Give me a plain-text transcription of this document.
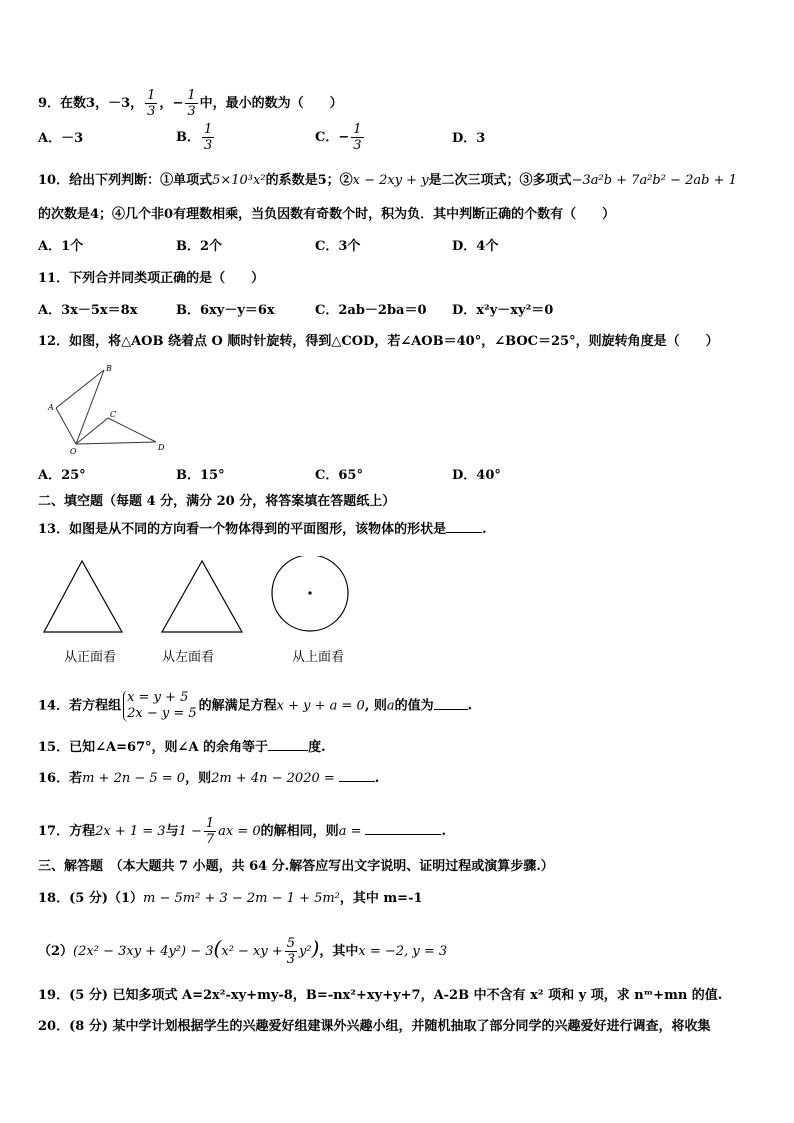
9．在数3，－3， $\frac{1}{3}$ ，− $\frac{1}{3}$ 中，最小的数为（　　）
A．－3	B． $\frac{1}{3}$	C．− $\frac{1}{3}$	D．3
10．给出下列判断：①单项式5×10³x²的系数是5；②x − 2xy + y是二次三项式；③多项式−3a²b + 7a²b² − 2ab + 1
的次数是4；④几个非0有理数相乘，当负因数有奇数个时，积为负．其中判断正确的个数有（　　）
A．1个	B．2个	C．3个	D．4个
11．下列合并同类项正确的是（　　）
A．3x－5x＝8x	B．6xy－y＝6x	C．2ab－2ba＝0 D．x²y－xy²＝0
12．如图，将△AOB 绕着点 O 顺时针旋转，得到△COD，若∠AOB＝40°，∠BOC＝25°，则旋转角度是（　　）
A
B
C
O	D
A．25°	B．15°	C．65°	D．40°
二、填空题（每题 4 分，满分 20 分，将答案填在答题纸上）
13．如图是从不同的方向看一个物体得到的平面图形，该物体的形状是	.
从正面看	从左面看	从上面看
14．若方程组
x = y + 5
2x − y = 5 的解满足方程x + y + a = 0, 则a的值为	.
15．已知∠A=67°，则∠A 的余角等于	度.
16．若m + 2n − 5 = 0，则2m + 4n − 2020 =	.
17．方程2x + 1 = 3与$1 - \frac{1}{7}$ ax = 0的解相同，则a =	.
三、解答题　（本大题共 7 小题，共 64 分.解答应写出文字说明、证明过程或演算步骤.）
18．(5 分)（1）m − 5m² + 3 − 2m − 1 + 5m²，其中 m=-1
（2）(2x² − 3xy + 4y²) − 3(x² − xy + $\frac{5}{3} y^2$)，其中x = −2, y = 3
19．(5 分) 已知多项式 A=2x²-xy+my-8，B=-nx²+xy+y+7，A-2B 中不含有 x² 项和 y 项，求 nᵐ+mn 的值.
20．(8 分) 某中学计划根据学生的兴趣爱好组建课外兴趣小组，并随机抽取了部分同学的兴趣爱好进行调查，将收集
